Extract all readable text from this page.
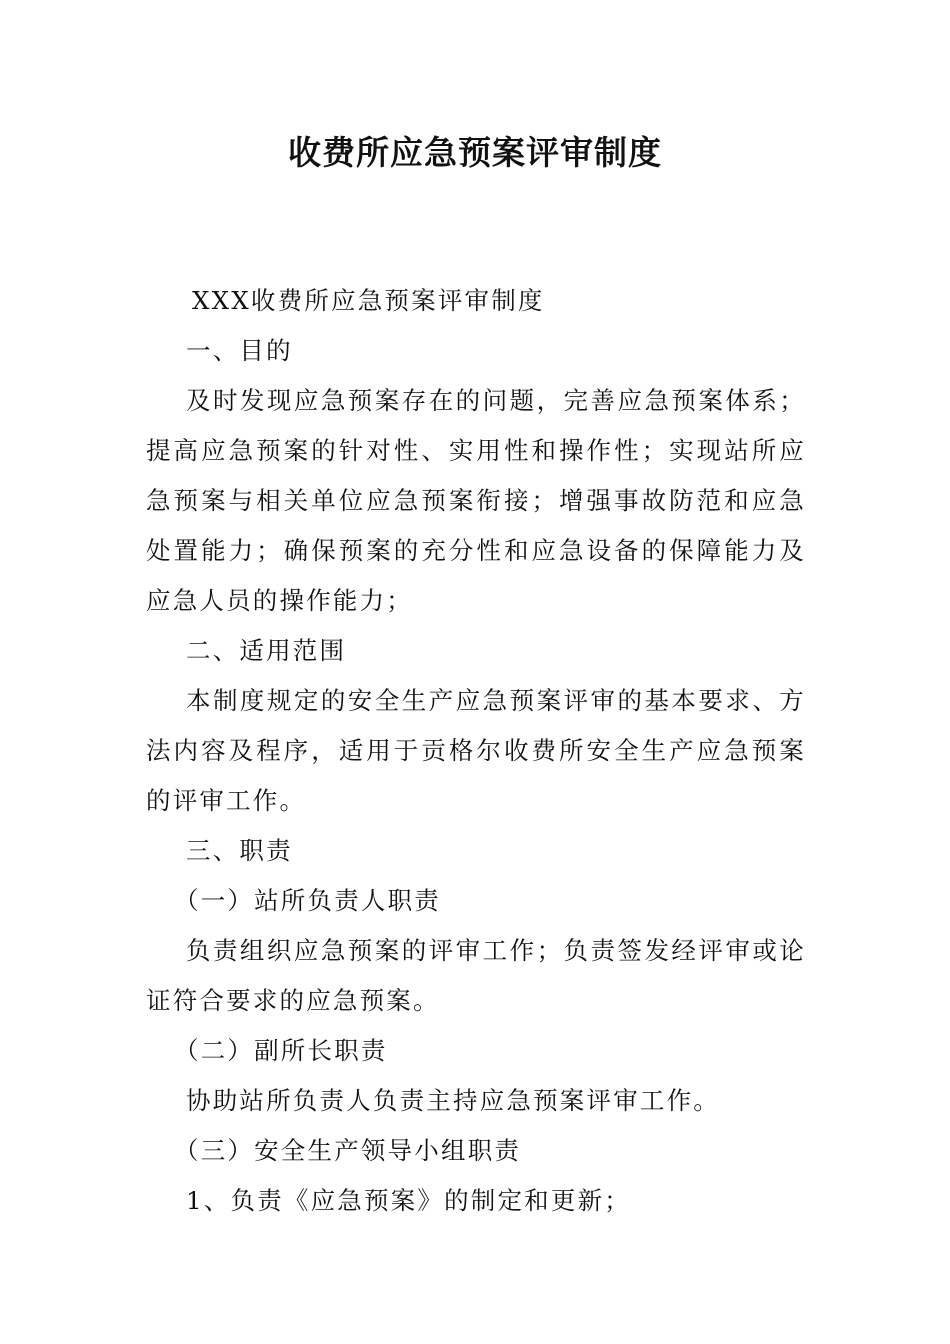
收费所应急预案评审制度

XXX收费所应急预案评审制度

一、目的

及时发现应急预案存在的问题，完善应急预案体系；提高应急预案的针对性、实用性和操作性；实现站所应急预案与相关单位应急预案衔接；增强事故防范和应急处置能力；确保预案的充分性和应急设备的保障能力及应急人员的操作能力；

二、适用范围

本制度规定的安全生产应急预案评审的基本要求、方法内容及程序，适用于贡格尔收费所安全生产应急预案的评审工作。

三、职责

（一）站所负责人职责

负责组织应急预案的评审工作；负责签发经评审或论证符合要求的应急预案。

（二）副所长职责

协助站所负责人负责主持应急预案评审工作。

（三）安全生产领导小组职责

1、负责《应急预案》的制定和更新；
